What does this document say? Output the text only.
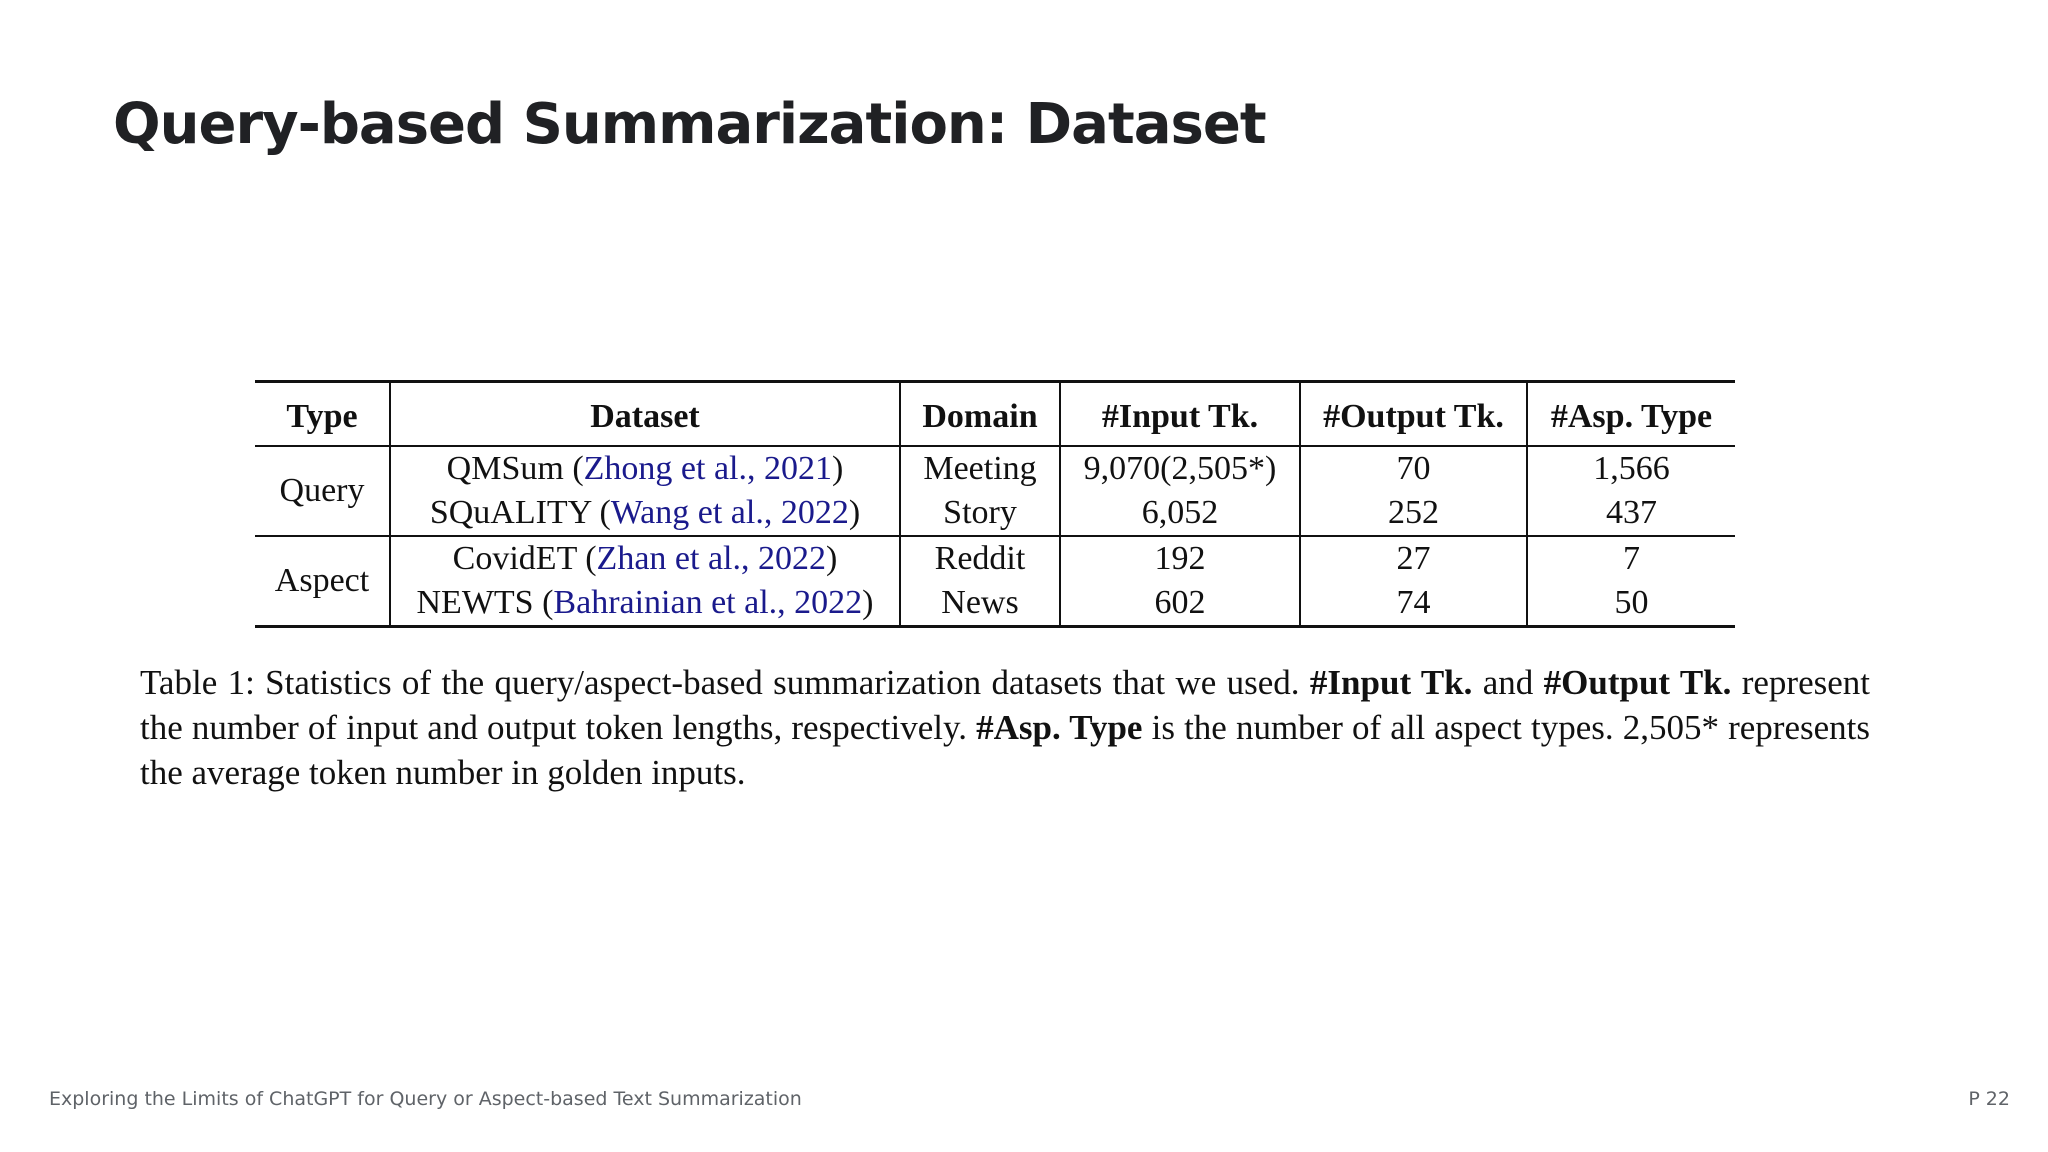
Query-based Summarization: Dataset
Type	Dataset	Domain	#Input Tk.	#Output Tk.	#Asp. Type
Query	QMSum (Zhong et al., 2021)	Meeting	9,070(2,505*)	70	1,566
	SQuALITY (Wang et al., 2022)	Story	6,052	252	437
Aspect	CovidET (Zhan et al., 2022)	Reddit	192	27	7
	NEWTS (Bahrainian et al., 2022)	News	602	74	50

Table 1: Statistics of the query/aspect-based summarization datasets that we used. #Input Tk. and #Output Tk. represent the number of input and output token lengths, respectively. #Asp. Type is the number of all aspect types. 2,505* represents the average token number in golden inputs.

Exploring the Limits of ChatGPT for Query or Aspect-based Text Summarization	P 22
